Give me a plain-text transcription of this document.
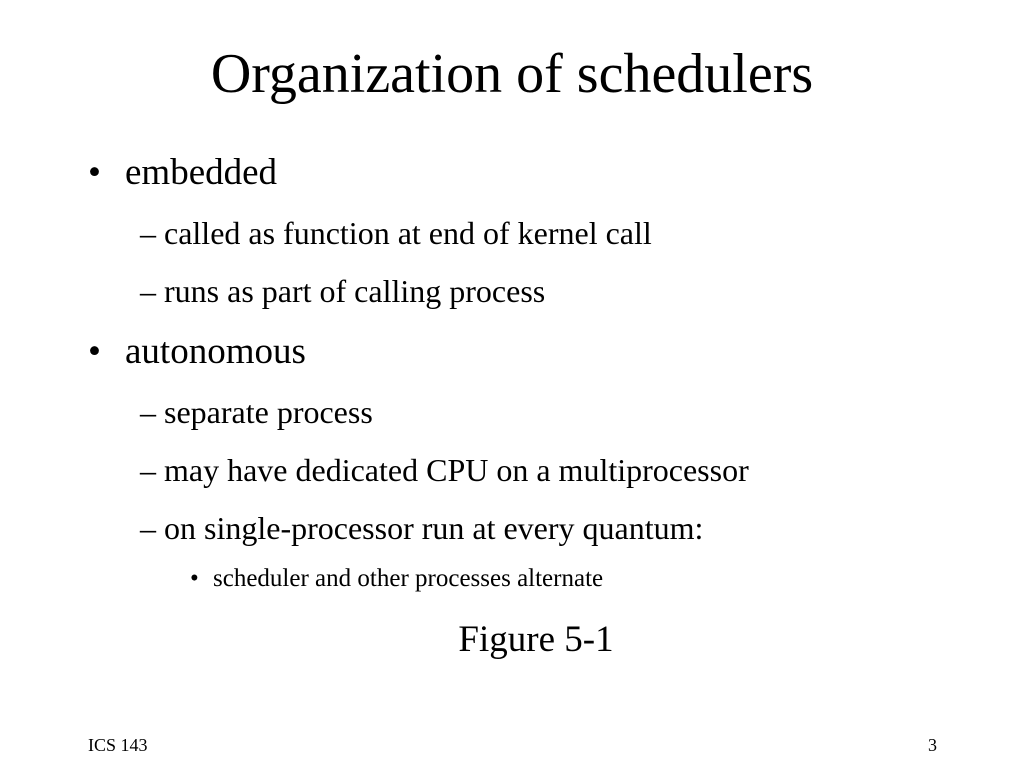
Organization of schedulers
• embedded
– called as function at end of kernel call
– runs as part of calling process
• autonomous
– separate process
– may have dedicated CPU on a multiprocessor
– on single-processor run at every quantum:
• scheduler and other processes alternate

Figure 5-1

ICS 143	3
